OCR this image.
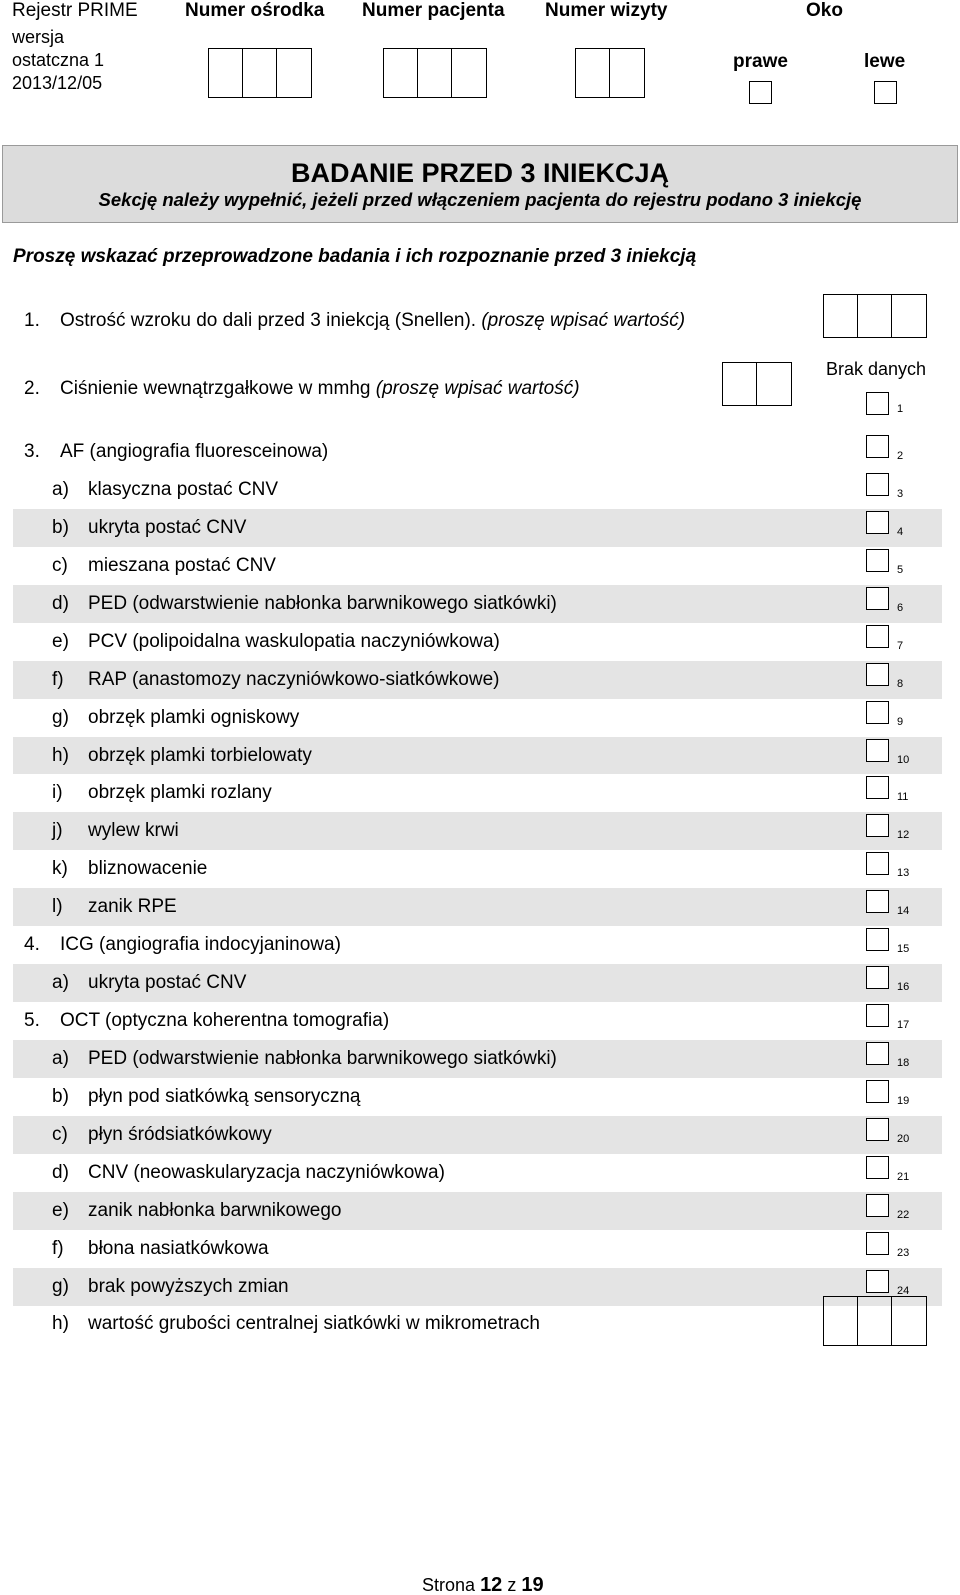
Rejestr PRIME Numer ośrodka Numer pacjenta Numer wizyty	Oko
wersja
ostatczna 1
2013/12/05
prawe	lewe
BADANIE PRZED 3 INIEKCJĄ
Sekcję należy wypełnić, jeżeli przed włączeniem pacjenta do rejestru podano 3 iniekcję
Proszę wskazać przeprowadzone badania i ich rozpoznanie przed 3 iniekcją
1. Ostrość wzroku do dali przed 3 iniekcją (Snellen). (proszę wpisać wartość)
2. Ciśnienie wewnątrzgałkowe w mmhg (proszę wpisać wartość)
Brak danych
1
3. AF (angiografia fluoresceinowa)	2
a) klasyczna postać CNV	3
b) ukryta postać CNV	4
c) mieszana postać CNV	5
d) PED (odwarstwienie nabłonka barwnikowego siatkówki)	6
e) PCV (polipoidalna waskulopatia naczyniówkowa)	7
f) RAP (anastomozy naczyniówkowo-siatkówkowe)	8
g) obrzęk plamki ogniskowy	9
h) obrzęk plamki torbielowaty	10
i) obrzęk plamki rozlany	11
j) wylew krwi	12
k) bliznowacenie	13
l) zanik RPE	14
4. ICG (angiografia indocyjaninowa)	15
a) ukryta postać CNV	16
5. OCT (optyczna koherentna tomografia)	17
a) PED (odwarstwienie nabłonka barwnikowego siatkówki)	18
b) płyn pod siatkówką sensoryczną	19
c) płyn śródsiatkówkowy	20
d) CNV (neowaskularyzacja naczyniówkowa)	21
e) zanik nabłonka barwnikowego	22
f) błona nasiatkówkowa	23
g) brak powyższych zmian	24
h) wartość grubości centralnej siatkówki w mikrometrach
Strona 12 z 19
